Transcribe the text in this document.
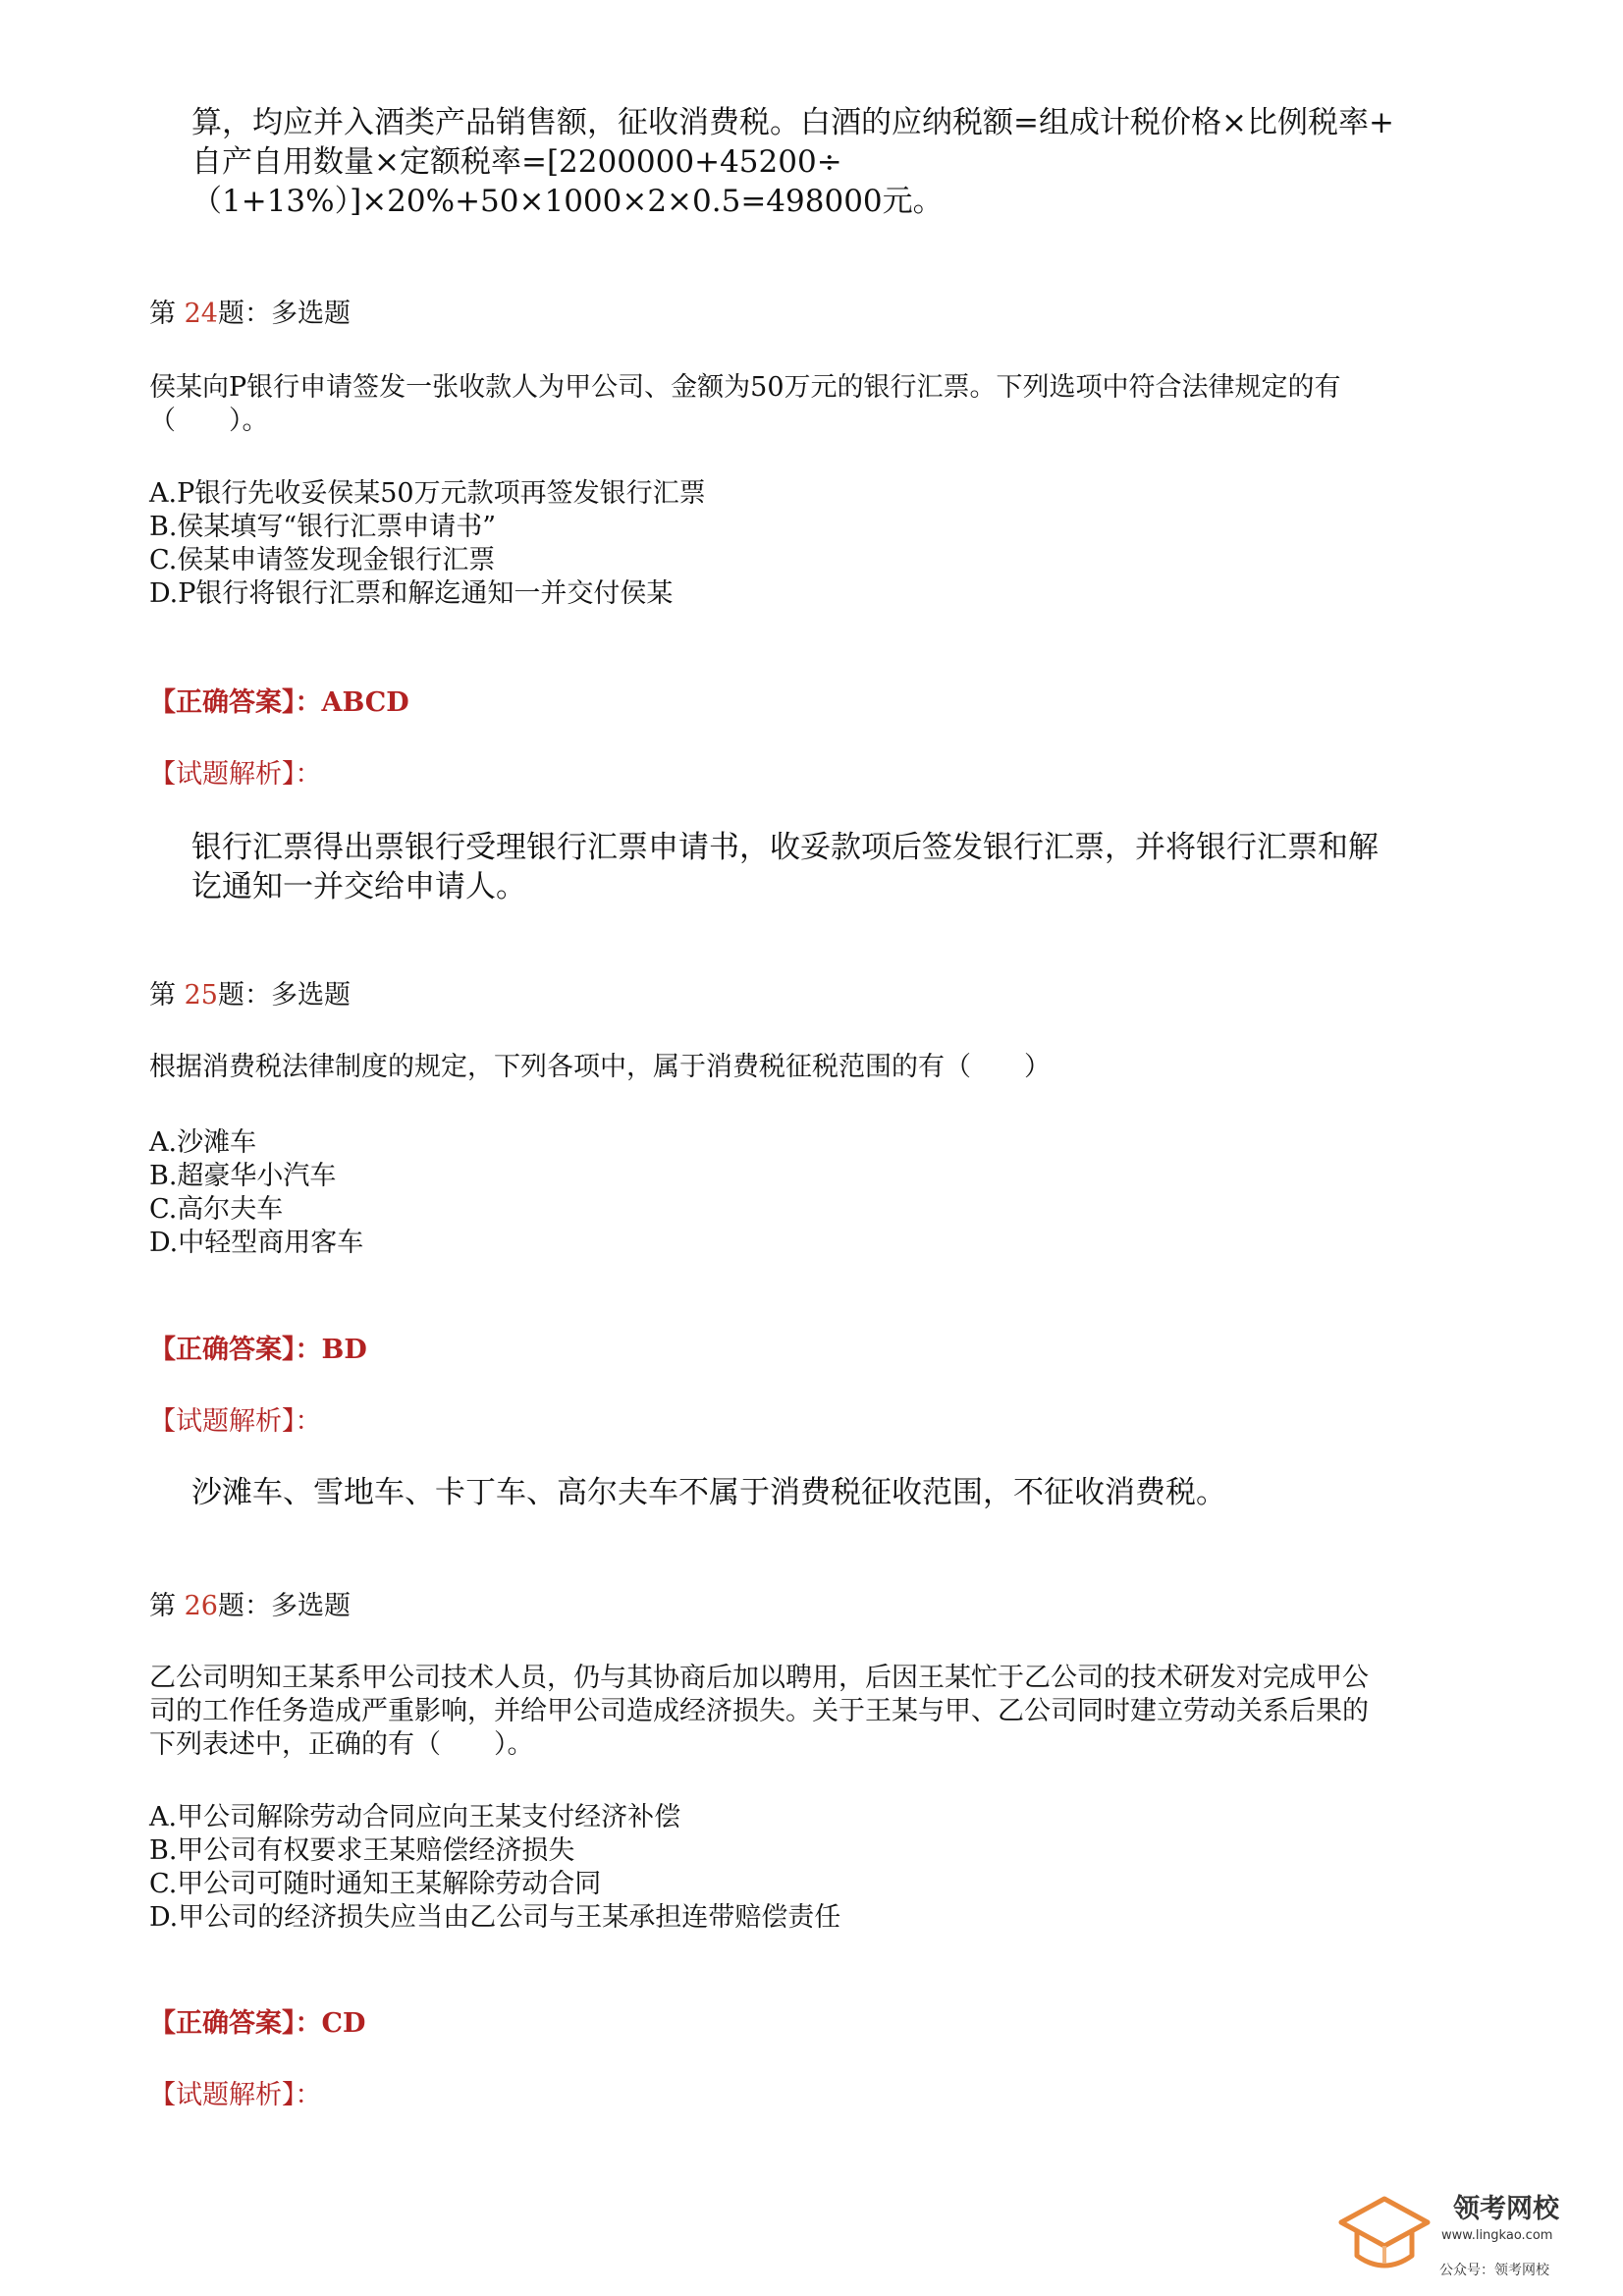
算，均应并入酒类产品销售额，征收消费税。白酒的应纳税额=组成计税价格×比例税率+
自产自用数量×定额税率=[2200000+45200÷（1+13%）]×20%+50×1000×2×0.5=498000元。
第 24题：多选题
侯某向P银行申请签发一张收款人为甲公司、金额为50万元的银行汇票。下列选项中符合法律规定的有
（　　）。
A.P银行先收妥侯某50万元款项再签发银行汇票
B.侯某填写“银行汇票申请书”
C.侯某申请签发现金银行汇票
D.P银行将银行汇票和解迄通知一并交付侯某
【正确答案】：ABCD
【试题解析】：
银行汇票得出票银行受理银行汇票申请书，收妥款项后签发银行汇票，并将银行汇票和解
讫通知一并交给申请人。
第 25题：多选题
根据消费税法律制度的规定，下列各项中，属于消费税征税范围的有（　　）
A.沙滩车
B.超豪华小汽车
C.高尔夫车
D.中轻型商用客车
【正确答案】：BD
【试题解析】：
沙滩车、雪地车、卡丁车、高尔夫车不属于消费税征收范围，不征收消费税。
第 26题：多选题
乙公司明知王某系甲公司技术人员，仍与其协商后加以聘用，后因王某忙于乙公司的技术研发对完成甲公
司的工作任务造成严重影响，并给甲公司造成经济损失。关于王某与甲、乙公司同时建立劳动关系后果的
下列表述中，正确的有（　　）。
A.甲公司解除劳动合同应向王某支付经济补偿
B.甲公司有权要求王某赔偿经济损失
C.甲公司可随时通知王某解除劳动合同
D.甲公司的经济损失应当由乙公司与王某承担连带赔偿责任
【正确答案】：CD
【试题解析】：
领考网校
www.lingkao.com
公众号：领考网校
